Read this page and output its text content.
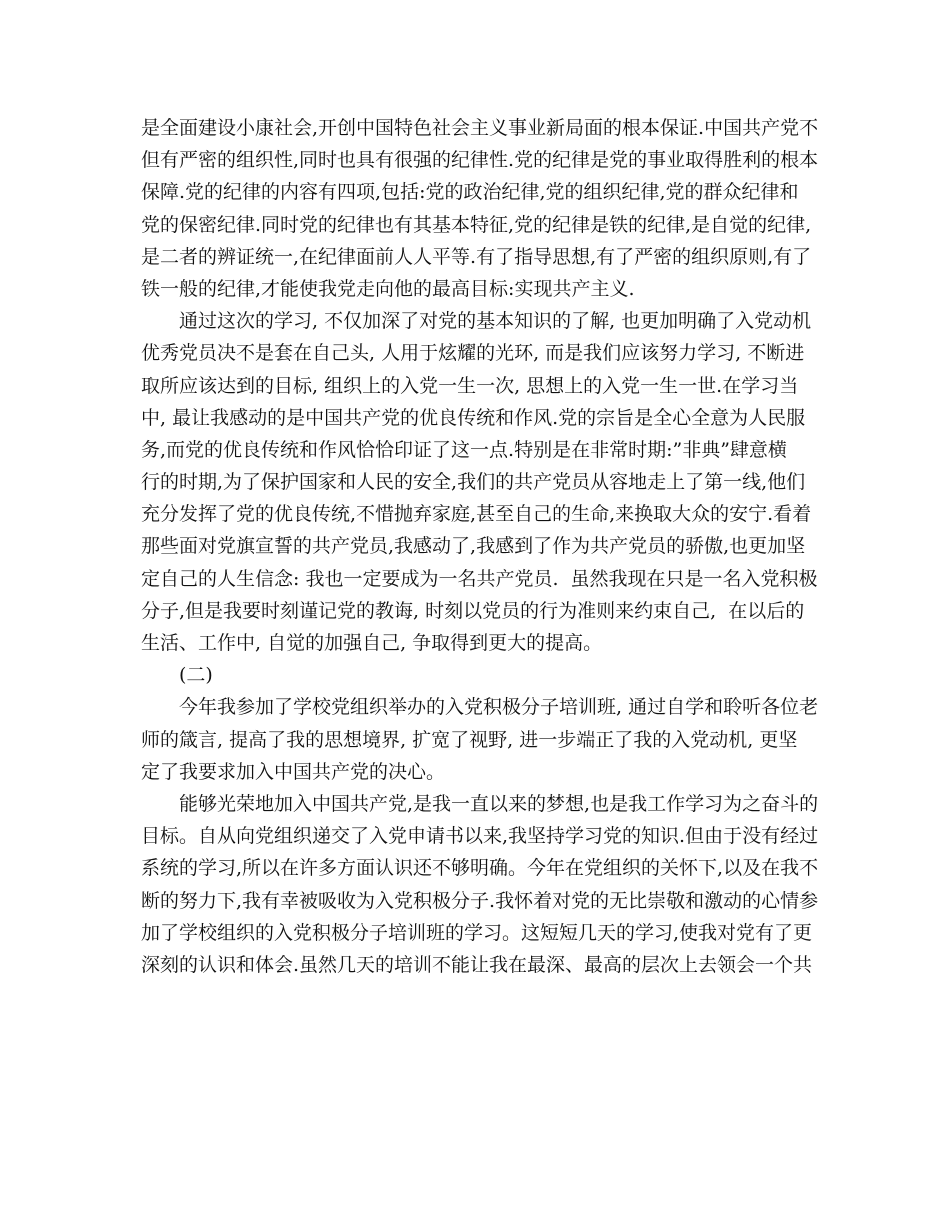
是全面建设小康社会,开创中国特色社会主义事业新局面的根本保证.中国共产党不
但有严密的组织性,同时也具有很强的纪律性.党的纪律是党的事业取得胜利的根本
保障.党的纪律的内容有四项,包括:党的政治纪律,党的组织纪律,党的群众纪律和
党的保密纪律.同时党的纪律也有其基本特征,党的纪律是铁的纪律,是自觉的纪律,
是二者的辨证统一,在纪律面前人人平等.有了指导思想,有了严密的组织原则,有了
铁一般的纪律,才能使我党走向他的最高目标:实现共产主义.
通过这次的学习, 不仅加深了对党的基本知识的了解, 也更加明确了入党动机
优秀党员决不是套在自己头, 人用于炫耀的光环, 而是我们应该努力学习, 不断进
取所应该达到的目标, 组织上的入党一生一次, 思想上的入党一生一世.在学习当
中, 最让我感动的是中国共产党的优良传统和作风.党的宗旨是全心全意为人民服
务,而党的优良传统和作风恰恰印证了这一点.特别是在非常时期:”非典”肆意横
行的时期,为了保护国家和人民的安全,我们的共产党员从容地走上了第一线,他们
充分发挥了党的优良传统,不惜抛弃家庭,甚至自己的生命,来换取大众的安宁.看着
那些面对党旗宣誓的共产党员,我感动了,我感到了作为共产党员的骄傲,也更加坚
定自己的人生信念: 我也一定要成为一名共产党员.  虽然我现在只是一名入党积极
分子,但是我要时刻谨记党的教诲, 时刻以党员的行为准则来约束自己,  在以后的
生活、工作中, 自觉的加强自己, 争取得到更大的提高。
(二)
今年我参加了学校党组织举办的入党积极分子培训班, 通过自学和聆听各位老
师的箴言, 提高了我的思想境界, 扩宽了视野, 进一步端正了我的入党动机, 更坚
定了我要求加入中国共产党的决心。
能够光荣地加入中国共产党,是我一直以来的梦想,也是我工作学习为之奋斗的
目标。自从向党组织递交了入党申请书以来,我坚持学习党的知识.但由于没有经过
系统的学习,所以在许多方面认识还不够明确。今年在党组织的关怀下,以及在我不
断的努力下,我有幸被吸收为入党积极分子.我怀着对党的无比崇敬和激动的心情参
加了学校组织的入党积极分子培训班的学习。这短短几天的学习,使我对党有了更
深刻的认识和体会.虽然几天的培训不能让我在最深、最高的层次上去领会一个共
